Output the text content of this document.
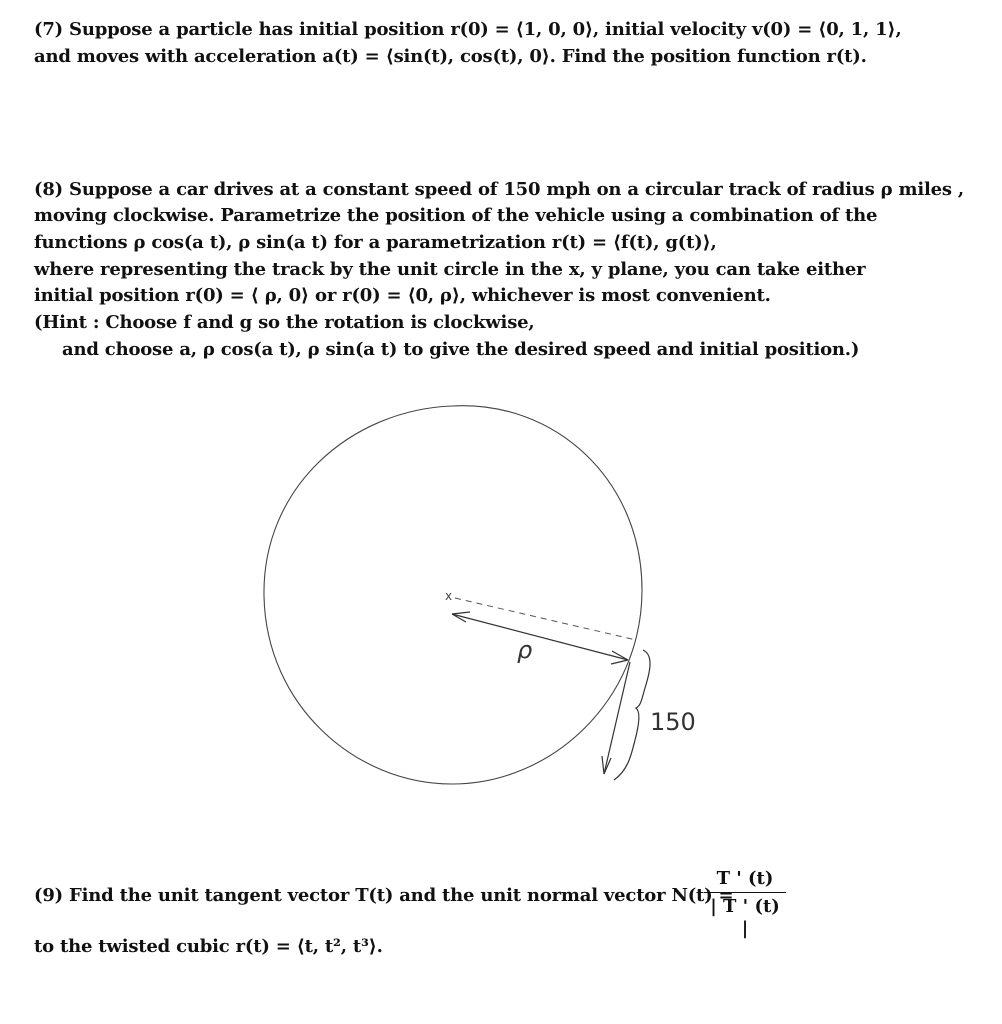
(7) Suppose a particle has initial position r(0) = ⟨1, 0, 0⟩, initial velocity v(0) = ⟨0, 1, 1⟩,
and moves with acceleration a(t) = ⟨sin(t), cos(t), 0⟩. Find the position function r(t).
(8) Suppose a car drives at a constant speed of 150 mph on a circular track of radius ρ miles ,
moving clockwise. Parametrize the position of the vehicle using a combination of the
functions ρ cos(a t), ρ sin(a t) for a parametrization r(t) = ⟨f(t), g(t)⟩,
where representing the track by the unit circle in the x, y plane, you can take either
initial position r(0) = ⟨ ρ, 0⟩ or r(0) = ⟨0, ρ⟩, whichever is most convenient.
(Hint : Choose f and g so the rotation is clockwise,
and choose a, ρ cos(a t), ρ sin(a t) to give the desired speed and initial position.)
x
ρ
150
(9) Find the unit tangent vector T(t) and the unit normal vector N(t) =
T ' (t)
| T ' (t) |
to the twisted cubic r(t) = ⟨t, t², t³⟩.
